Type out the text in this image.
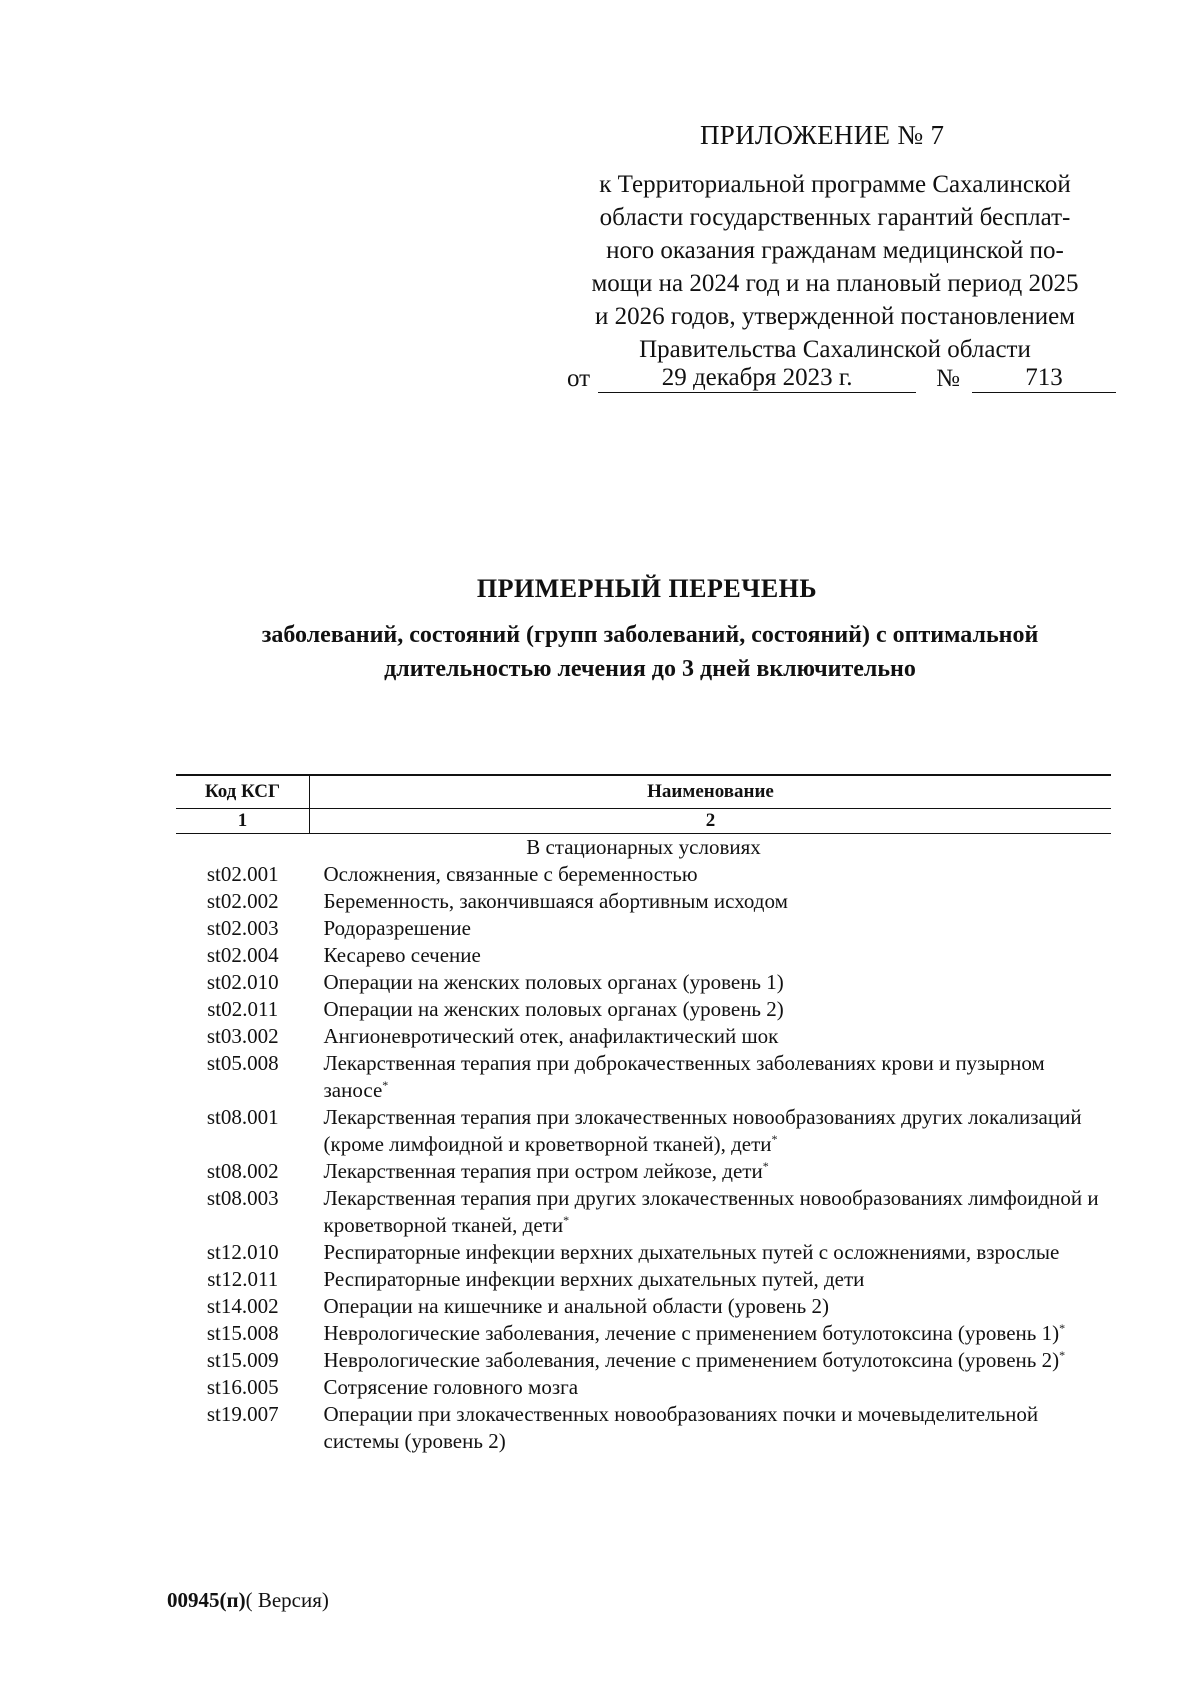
ПРИЛОЖЕНИЕ № 7
к Территориальной программе Сахалинской
области государственных гарантий бесплат-
ного оказания гражданам медицинской по-
мощи на 2024 год и на плановый период 2025
и 2026 годов, утвержденной постановлением
Правительства Сахалинской области
от	29 декабря 2023 г.	№	713
ПРИМЕРНЫЙ ПЕРЕЧЕНЬ
заболеваний, состояний (групп заболеваний, состояний) с оптимальной
длительностью лечения до 3 дней включительно
Код КСГ	Наименование
1	2
В стационарных условиях	
st02.001	Осложнения, связанные с беременностью
st02.002	Беременность, закончившаяся абортивным исходом
st02.003	Родоразрешение
st02.004	Кесарево сечение
st02.010	Операции на женских половых органах (уровень 1)
st02.011	Операции на женских половых органах (уровень 2)
st03.002	Ангионевротический отек, анафилактический шок
st05.008	Лекарственная терапия при доброкачественных заболеваниях крови и пузырном заносе*
st08.001	Лекарственная терапия при злокачественных новообразованиях других локализаций (кроме лимфоидной и кроветворной тканей), дети*
st08.002	Лекарственная терапия при остром лейкозе, дети*
st08.003	Лекарственная терапия при других злокачественных новообразованиях лимфоидной и кроветворной тканей, дети*
st12.010	Респираторные инфекции верхних дыхательных путей с осложнениями, взрослые
st12.011	Респираторные инфекции верхних дыхательных путей, дети
st14.002	Операции на кишечнике и анальной области (уровень 2)
st15.008	Неврологические заболевания, лечение с применением ботулотоксина (уровень 1)*
st15.009	Неврологические заболевания, лечение с применением ботулотоксина (уровень 2)*
st16.005	Сотрясение головного мозга
st19.007	Операции при злокачественных новообразованиях почки и мочевыделительной системы (уровень 2)
00945(п)( Версия)
